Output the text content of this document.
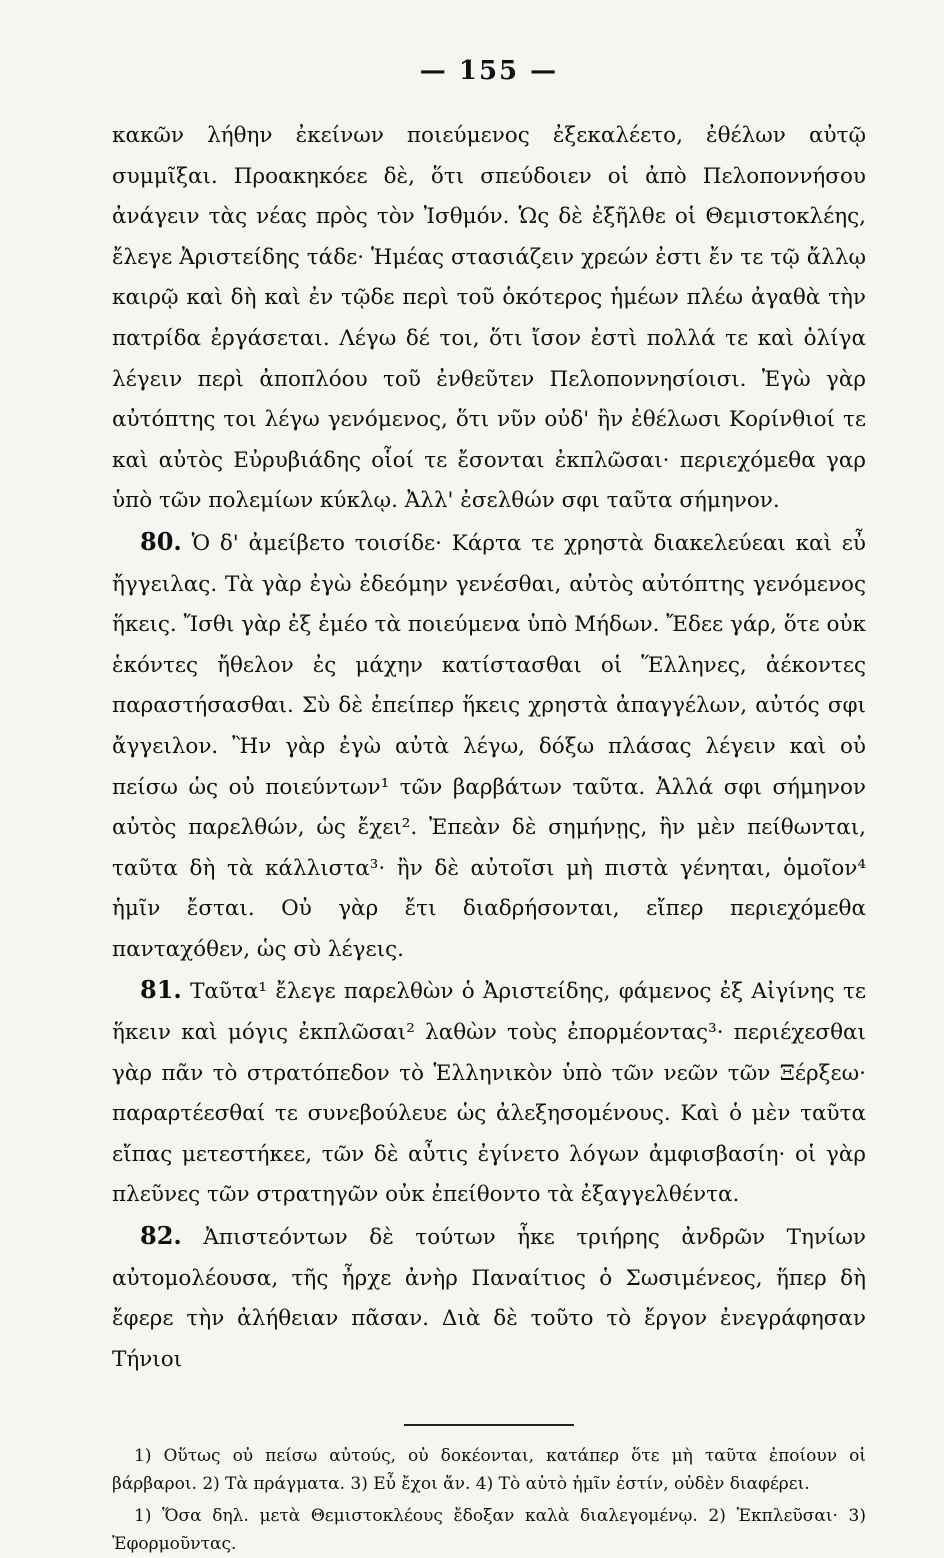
— 155 —

κακῶν λήθην ἐκείνων ποιεύμενος ἐξεκαλέετο, ἐθέλων αὐτῷ συμμῖξαι. Προακηκόεε δὲ, ὅτι σπεύδοιεν οἱ ἀπὸ Πελοποννήσου ἀνάγειν τὰς νέας πρὸς τὸν Ἰσθμόν. Ὡς δὲ ἐξῆλθε οἱ Θεμιστοκλέης, ἔλεγε Ἀριστείδης τάδε· Ἡμέας στασιάζειν χρεών ἐστι ἔν τε τῷ ἄλλῳ καιρῷ καὶ δὴ καὶ ἐν τῷδε περὶ τοῦ ὁκότερος ἡμέων πλέω ἀγαθὰ τὴν πατρίδα ἐργάσεται. Λέγω δέ τοι, ὅτι ἴσον ἐστὶ πολλά τε καὶ ὀλίγα λέγειν περὶ ἀποπλόου τοῦ ἐνθεῦτεν Πελοποννησίοισι. Ἐγὼ γὰρ αὐτόπτης τοι λέγω γενόμενος, ὅτι νῦν οὐδ' ἢν ἐθέλωσι Κορίνθιοί τε καὶ αὐτὸς Εὐρυβιάδης οἷοί τε ἔσονται ἐκπλῶσαι· περιεχόμεθα γαρ ὑπὸ τῶν πολεμίων κύκλῳ. Ἀλλ' ἐσελθών σφι ταῦτα σήμηνον.

80. Ὁ δ' ἀμείβετο τοισίδε· Κάρτα τε χρηστὰ διακελεύεαι καὶ εὖ ἤγγειλας. Τὰ γὰρ ἐγὼ ἐδεόμην γενέσθαι, αὐτὸς αὐτόπτης γενόμενος ἥκεις. Ἴσθι γὰρ ἐξ ἐμέο τὰ ποιεύμενα ὑπὸ Μήδων. Ἔδεε γάρ, ὅτε οὐκ ἑκόντες ἤθελον ἐς μάχην κατίστασθαι οἱ Ἕλληνες, ἀέκοντες παραστήσασθαι. Σὺ δὲ ἐπείπερ ἥκεις χρηστὰ ἀπαγγέλων, αὐτός σφι ἄγγειλον. Ἢν γὰρ ἐγὼ αὐτὰ λέγω, δόξω πλάσας λέγειν καὶ οὐ πείσω ὡς οὐ ποιεύντων¹ τῶν βαρβάτων ταῦτα. Ἀλλά σφι σήμηνον αὐτὸς παρελθών, ὡς ἔχει². Ἐπεὰν δὲ σημήνῃς, ἢν μὲν πείθωνται, ταῦτα δὴ τὰ κάλλιστα³· ἢν δὲ αὐτοῖσι μὴ πιστὰ γένηται, ὁμοῖον⁴ ἡμῖν ἔσται. Οὐ γὰρ ἔτι διαδρήσονται, εἴπερ περιεχόμεθα πανταχόθεν, ὡς σὺ λέγεις.

81. Ταῦτα¹ ἔλεγε παρελθὼν ὁ Ἀριστείδης, φάμενος ἐξ Αἰγίνης τε ἥκειν καὶ μόγις ἐκπλῶσαι² λαθὼν τοὺς ἐπορμέοντας³· περιέχεσθαι γὰρ πᾶν τὸ στρατόπεδον τὸ Ἑλληνικὸν ὑπὸ τῶν νεῶν τῶν Ξέρξεω· παραρτέεσθαί τε συνεβούλευε ὡς ἀλεξησομένους. Καὶ ὁ μὲν ταῦτα εἴπας μετεστήκεε, τῶν δὲ αὖτις ἐγίνετο λόγων ἀμφισβασίη· οἱ γὰρ πλεῦνες τῶν στρατηγῶν οὐκ ἐπείθοντο τὰ ἐξαγγελθέντα.

82. Ἀπιστεόντων δὲ τούτων ἧκε τριήρης ἀνδρῶν Τηνίων αὐτομολέουσα, τῆς ἦρχε ἀνὴρ Παναίτιος ὁ Σωσιμένεος, ἥπερ δὴ ἔφερε τὴν ἀλήθειαν πᾶσαν. Διὰ δὲ τοῦτο τὸ ἔργον ἐνεγράφησαν Τήνιοι

1) Οὕτως οὐ πείσω αὐτούς, οὐ δοκέονται, κατάπερ ὅτε μὴ ταῦτα ἐποίουν οἱ βάρβαροι. 2) Τὰ πράγματα. 3) Εὖ ἔχοι ἄν. 4) Τὸ αὐτὸ ἡμῖν ἐστίν, οὐδὲν διαφέρει.

1) Ὅσα δηλ. μετὰ Θεμιστοκλέους ἔδοξαν καλὰ διαλεγομένῳ. 2) Ἐκπλεῦσαι· 3) Ἐφορμοῦντας.
